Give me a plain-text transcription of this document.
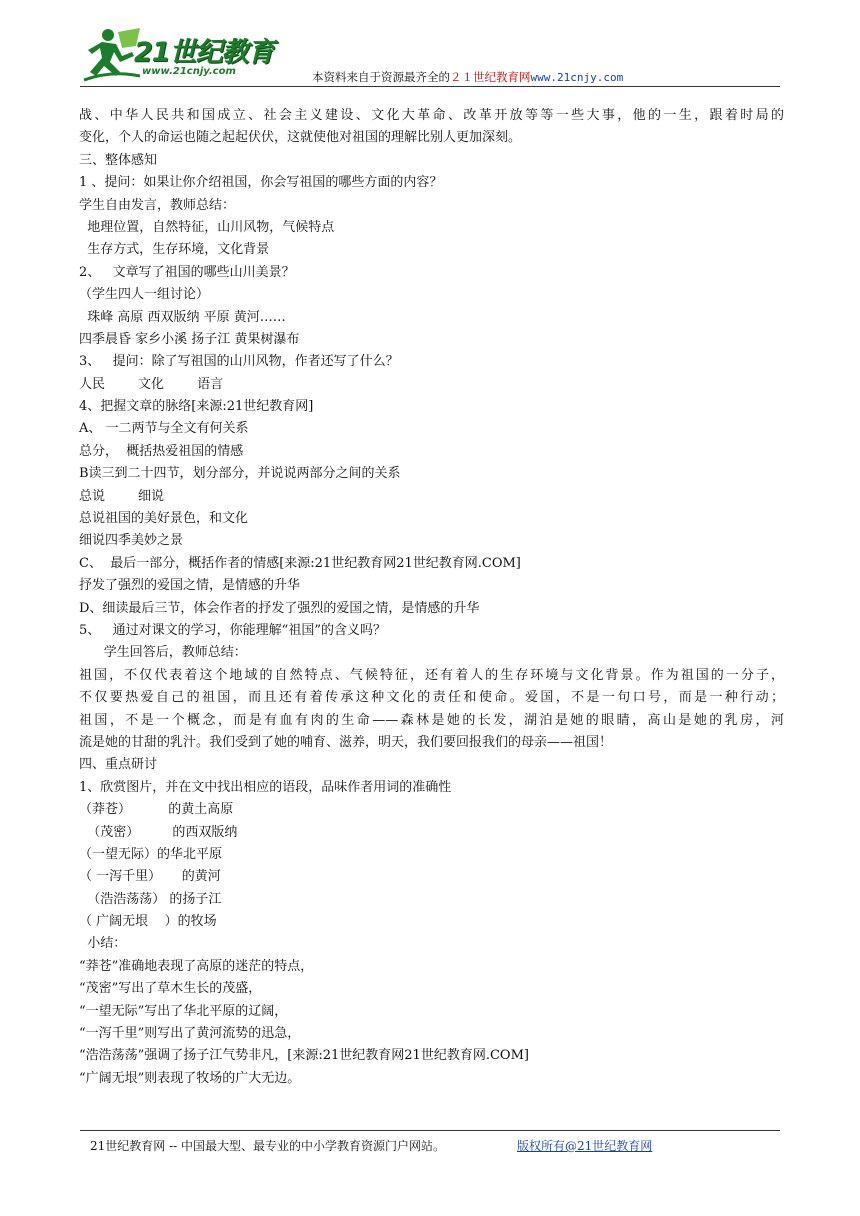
21世纪教育
www.21cnjy.com	本资料来自于资源最齐全的２１世纪教育网www.21cnjy.com
战、中华人民共和国成立、社会主义建设、文化大革命、改革开放等等一些大事，他的一生，跟着时局的
变化，个人的命运也随之起起伏伏，这就使他对祖国的理解比别人更加深刻。
三、整体感知
1 、提问：如果让你介绍祖国，你会写祖国的哪些方面的内容？
学生自由发言，教师总结：
地理位置，自然特征，山川风物，气候特点
生存方式，生存环境，文化背景
2、   文章写了祖国的哪些山川美景？
（学生四人一组讨论）
珠峰 高原 西双版纳 平原 黄河……
四季晨昏 家乡小溪 扬子江 黄果树瀑布
3、   提问：除了写祖国的山川风物，作者还写了什么？
人民        文化        语言
4、把握文章的脉络[来源:21世纪教育网]
A、 一二两节与全文有何关系
总分，  概括热爱祖国的情感
B读三到二十四节，划分部分，并说说两部分之间的关系
总说        细说
总说祖国的美好景色，和文化
细说四季美妙之景
C、  最后一部分，概括作者的情感[来源:21世纪教育网21世纪教育网.COM]
抒发了强烈的爱国之情，是情感的升华
D、细读最后三节，体会作者的抒发了强烈的爱国之情，是情感的升华
5、   通过对课文的学习，你能理解“祖国”的含义吗？
学生回答后，教师总结：
祖国，不仅代表着这个地域的自然特点、气候特征，还有着人的生存环境与文化背景。作为祖国的一分子，
不仅要热爱自己的祖国，而且还有着传承这种文化的责任和使命。爱国，不是一句口号，而是一种行动；
祖国，不是一个概念，而是有血有肉的生命——森林是她的长发，湖泊是她的眼睛，高山是她的乳房，河
流是她的甘甜的乳汁。我们受到了她的哺育、滋养，明天，我们要回报我们的母亲——祖国！
四、重点研讨
1、欣赏图片，并在文中找出相应的语段，品味作者用词的准确性
（莽苍）         的黄土高原
（茂密）        的西双版纳
（一望无际）的华北平原
（ 一泻千里）     的黄河
（浩浩荡荡） 的扬子江
（ 广阔无垠    ）的牧场
小结：
“莽苍”准确地表现了高原的迷茫的特点，
“茂密”写出了草木生长的茂盛，
“一望无际”写出了华北平原的辽阔，
“一泻千里”则写出了黄河流势的迅急，
“浩浩荡荡”强调了扬子江气势非凡，[来源:21世纪教育网21世纪教育网.COM]
“广阔无垠”则表现了牧场的广大无边。
21世纪教育网 -- 中国最大型、最专业的中小学教育资源门户网站。	版权所有@21世纪教育网
